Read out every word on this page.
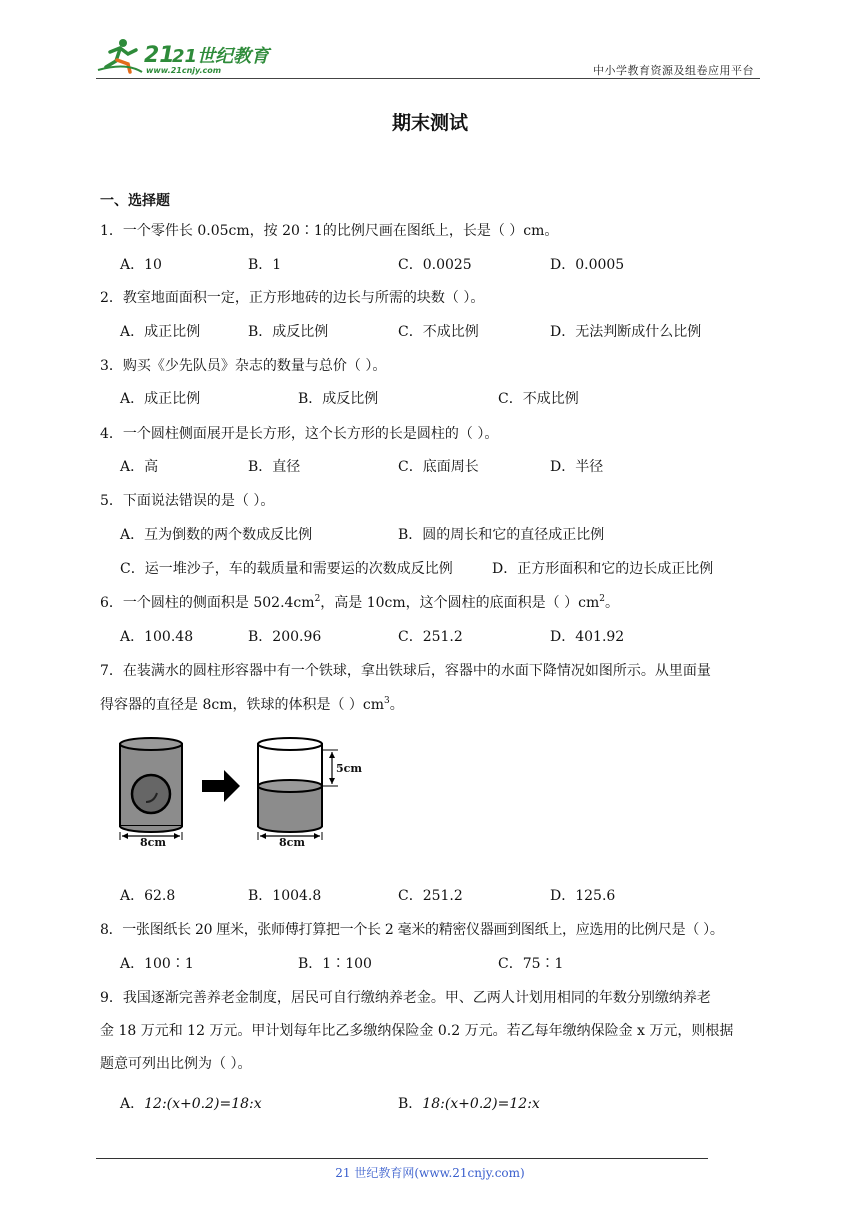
21
21世纪教育
www.21cnjy.com	中小学教育资源及组卷应用平台
期末测试
一、选择题
1．一个零件长 0.05cm，按 20∶1的比例尺画在图纸上，长是（ ）cm。
A．10	B．1	C．0.0025	D．0.0005
2．教室地面面积一定，正方形地砖的边长与所需的块数（ ）。
A．成正比例	B．成反比例	C．不成比例	D．无法判断成什么比例
3．购买《少先队员》杂志的数量与总价（ ）。
A．成正比例	B．成反比例	C．不成比例
4．一个圆柱侧面展开是长方形，这个长方形的长是圆柱的（ ）。
A．高	B．直径	C．底面周长	D．半径
5．下面说法错误的是（ ）。
A．互为倒数的两个数成反比例	B．圆的周长和它的直径成正比例
C．运一堆沙子，车的载质量和需要运的次数成反比例	D．正方形面积和它的边长成正比例
6．一个圆柱的侧面积是 $502.4cm^2$，高是 10cm，这个圆柱的底面积是（ ）$cm^2$。
A．100.48	B．200.96	C．251.2	D．401.92
7．在装满水的圆柱形容器中有一个铁球，拿出铁球后，容器中的水面下降情况如图所示。从里面量
得容器的直径是 8cm，铁球的体积是（ ）$cm^3$。
8cm	8cm
5cm
A．62.8	B．1004.8	C．251.2	D．125.6
8．一张图纸长 20 厘米，张师傅打算把一个长 2 毫米的精密仪器画到图纸上，应选用的比例尺是（ ）。
A．100∶1	B．1∶100	C．75∶1
9．我国逐渐完善养老金制度，居民可自行缴纳养老金。甲、乙两人计划用相同的年数分别缴纳养老
金 18 万元和 12 万元。甲计划每年比乙多缴纳保险金 0.2 万元。若乙每年缴纳保险金 x 万元，则根据
题意可列出比例为（ ）。
A．12:(x+0.2)=18:x	B．18:(x+0.2)=12:x
21 世纪教育网(www.21cnjy.com)
